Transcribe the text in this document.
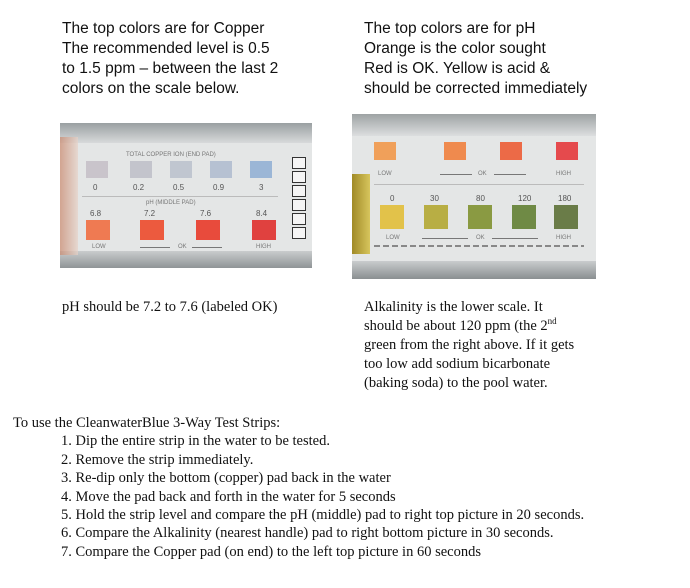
The top colors are for Copper
The recommended level is 0.5
to 1.5 ppm – between the last 2
colors on the scale below.
The top colors are for pH
Orange is the color sought
Red is OK. Yellow is acid &
should be corrected immediately
TOTAL COPPER ION (END PAD)
0	0.2	0.5	0.9	3
pH (MIDDLE PAD)
6.8	7.2	7.6	8.4
LOW	OK	HIGH
LOW	OK	HIGH
0	30	80	120	180
LOW	OK	HIGH
pH should be 7.2 to 7.6 (labeled OK)	Alkalinity is the lower scale. It
should be about 120 ppm (the 2nd
green from the right above. If it gets
too low add sodium bicarbonate
(baking soda) to the pool water.
To use the CleanwaterBlue 3-Way Test Strips:
1. Dip the entire strip in the water to be tested.
2. Remove the strip immediately.
3. Re-dip only the bottom (copper) pad back in the water
4. Move the pad back and forth in the water for 5 seconds
5. Hold the strip level and compare the pH (middle) pad to right top picture in 20 seconds.
6. Compare the Alkalinity (nearest handle) pad to right bottom picture in 30 seconds.
7. Compare the Copper pad (on end) to the left top picture in 60 seconds
